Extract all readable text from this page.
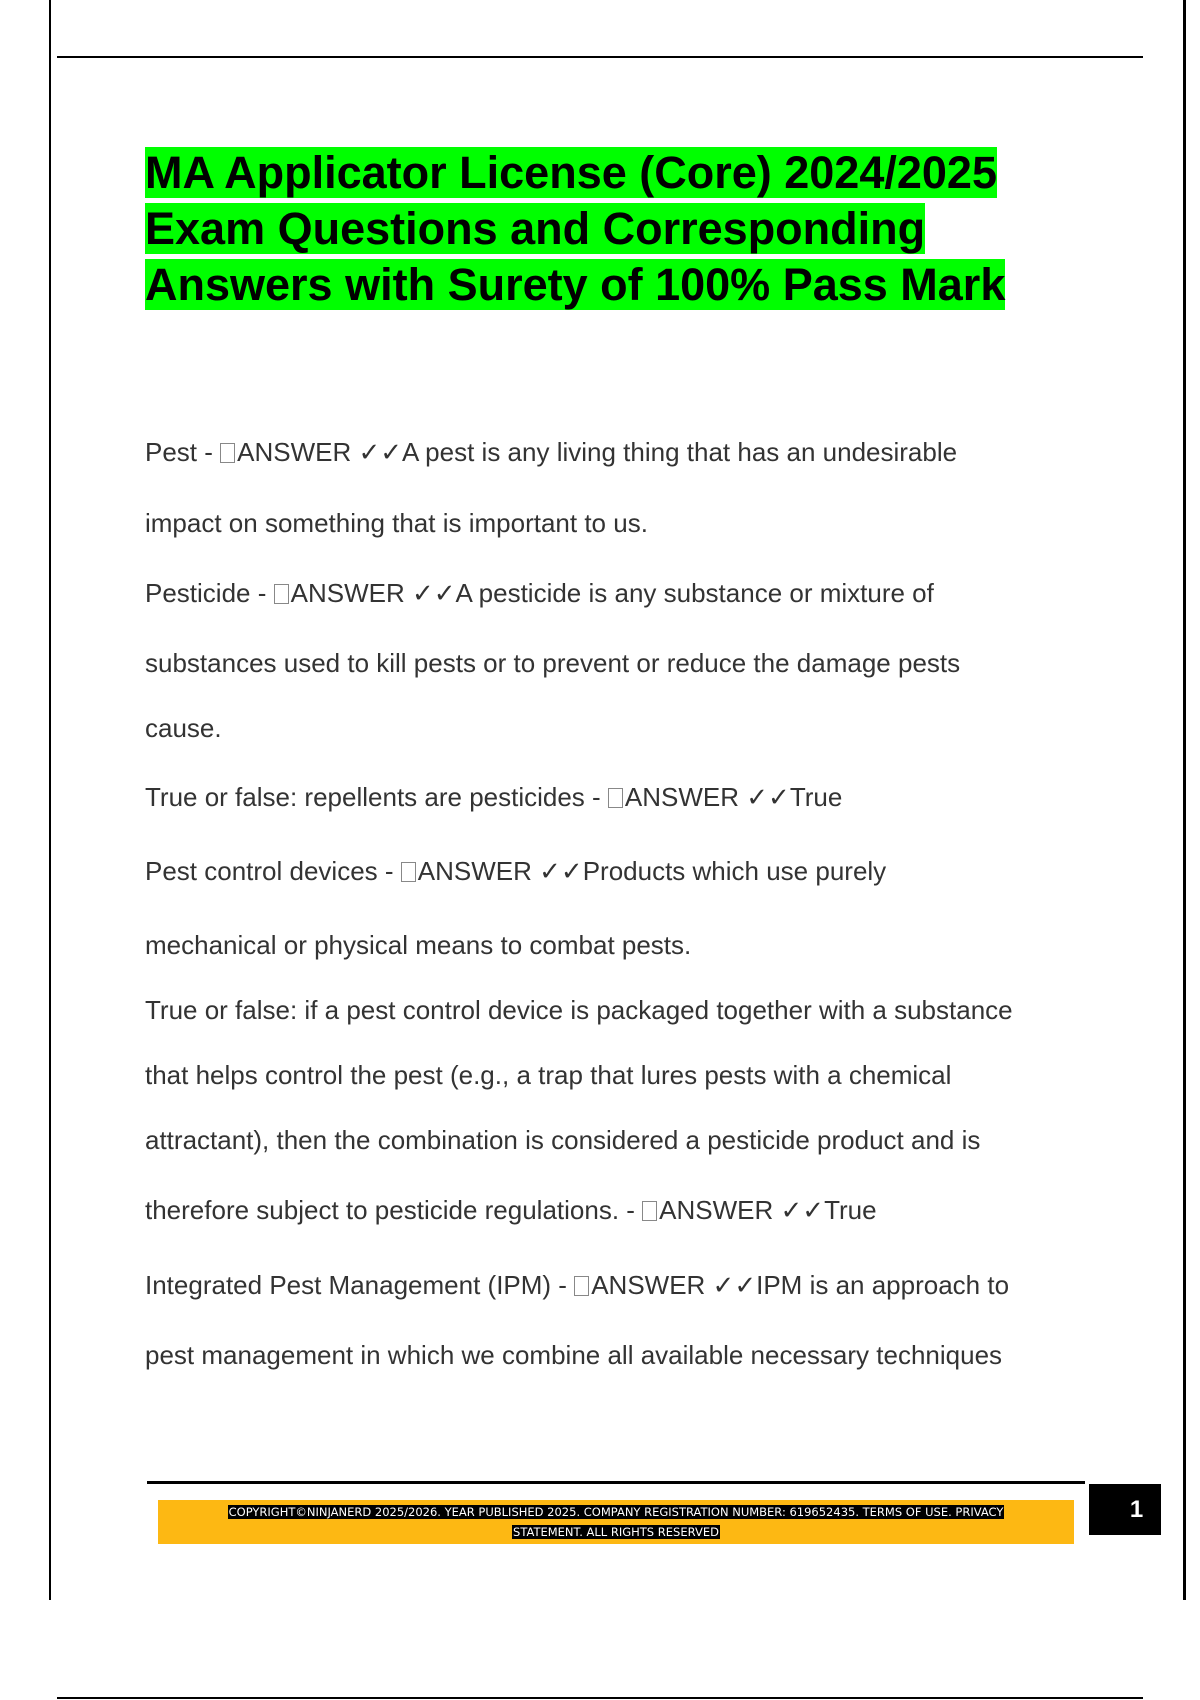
MA Applicator License (Core) 2024/2025
Exam Questions and Corresponding
Answers with Surety of 100% Pass Mark
Pest - ANSWER ✓✓A pest is any living thing that has an undesirable
impact on something that is important to us.
Pesticide - ANSWER ✓✓A pesticide is any substance or mixture of
substances used to kill pests or to prevent or reduce the damage pests
cause.
True or false: repellents are pesticides - ANSWER ✓✓True
Pest control devices - ANSWER ✓✓Products which use purely
mechanical or physical means to combat pests.
True or false: if a pest control device is packaged together with a substance
that helps control the pest (e.g., a trap that lures pests with a chemical
attractant), then the combination is considered a pesticide product and is
therefore subject to pesticide regulations. - ANSWER ✓✓True
Integrated Pest Management (IPM) - ANSWER ✓✓IPM is an approach to
pest management in which we combine all available necessary techniques
COPYRIGHT©NINJANERD 2025/2026. YEAR PUBLISHED 2025. COMPANY REGISTRATION NUMBER: 619652435. TERMS OF USE. PRIVACY
STATEMENT. ALL RIGHTS RESERVED
1
